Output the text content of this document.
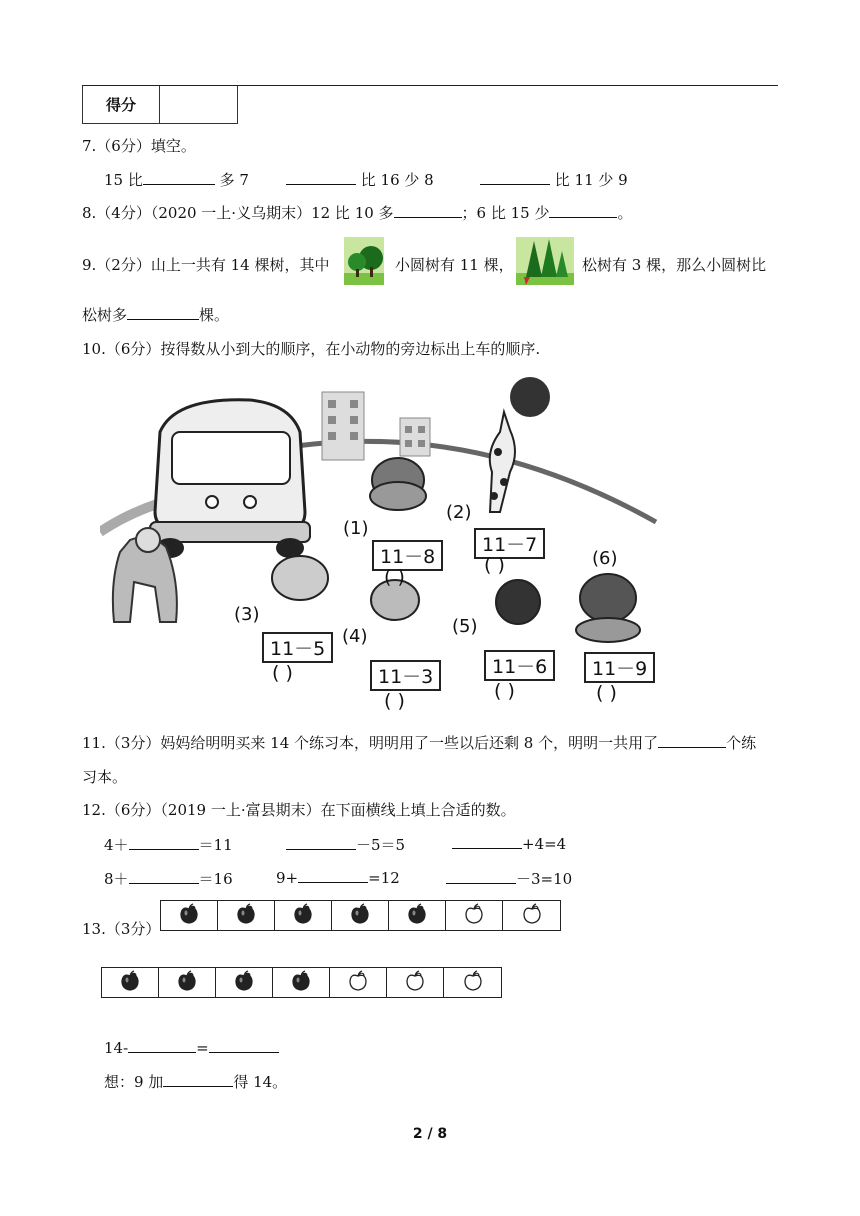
得分
7.（6分）填空。
15 比	多 7	比 16 少 8	比 11 少 9
8.（4分）（2020 一上·义乌期末）12 比 10 多	；6 比 15 少	。
9.（2分）山上一共有 14 棵树，其中	小圆树有 11 棵，	松树有 3 棵，那么小圆树比
松树多	棵。
10.（6分）按得数从小到大的顺序，在小动物的旁边标出上车的顺序.
(1)
11－8
( )
(2)
11－7
( )
(3)
11－5
( )
(4)
11－3
( )
(5)
11－6
( )
(6)
11－9
( )
11.（3分）妈妈给明明买来 14 个练习本，明明用了一些以后还剩 8 个，明明一共用了	个练
习本。
12.（6分）（2019 一上·富县期末）在下面横线上填上合适的数。
4＋	＝11	－5＝5	+4=4
8＋	＝16	9+	=12	－3=10
13.（3分）
14-	=
想：9 加	得 14。
2 / 8
